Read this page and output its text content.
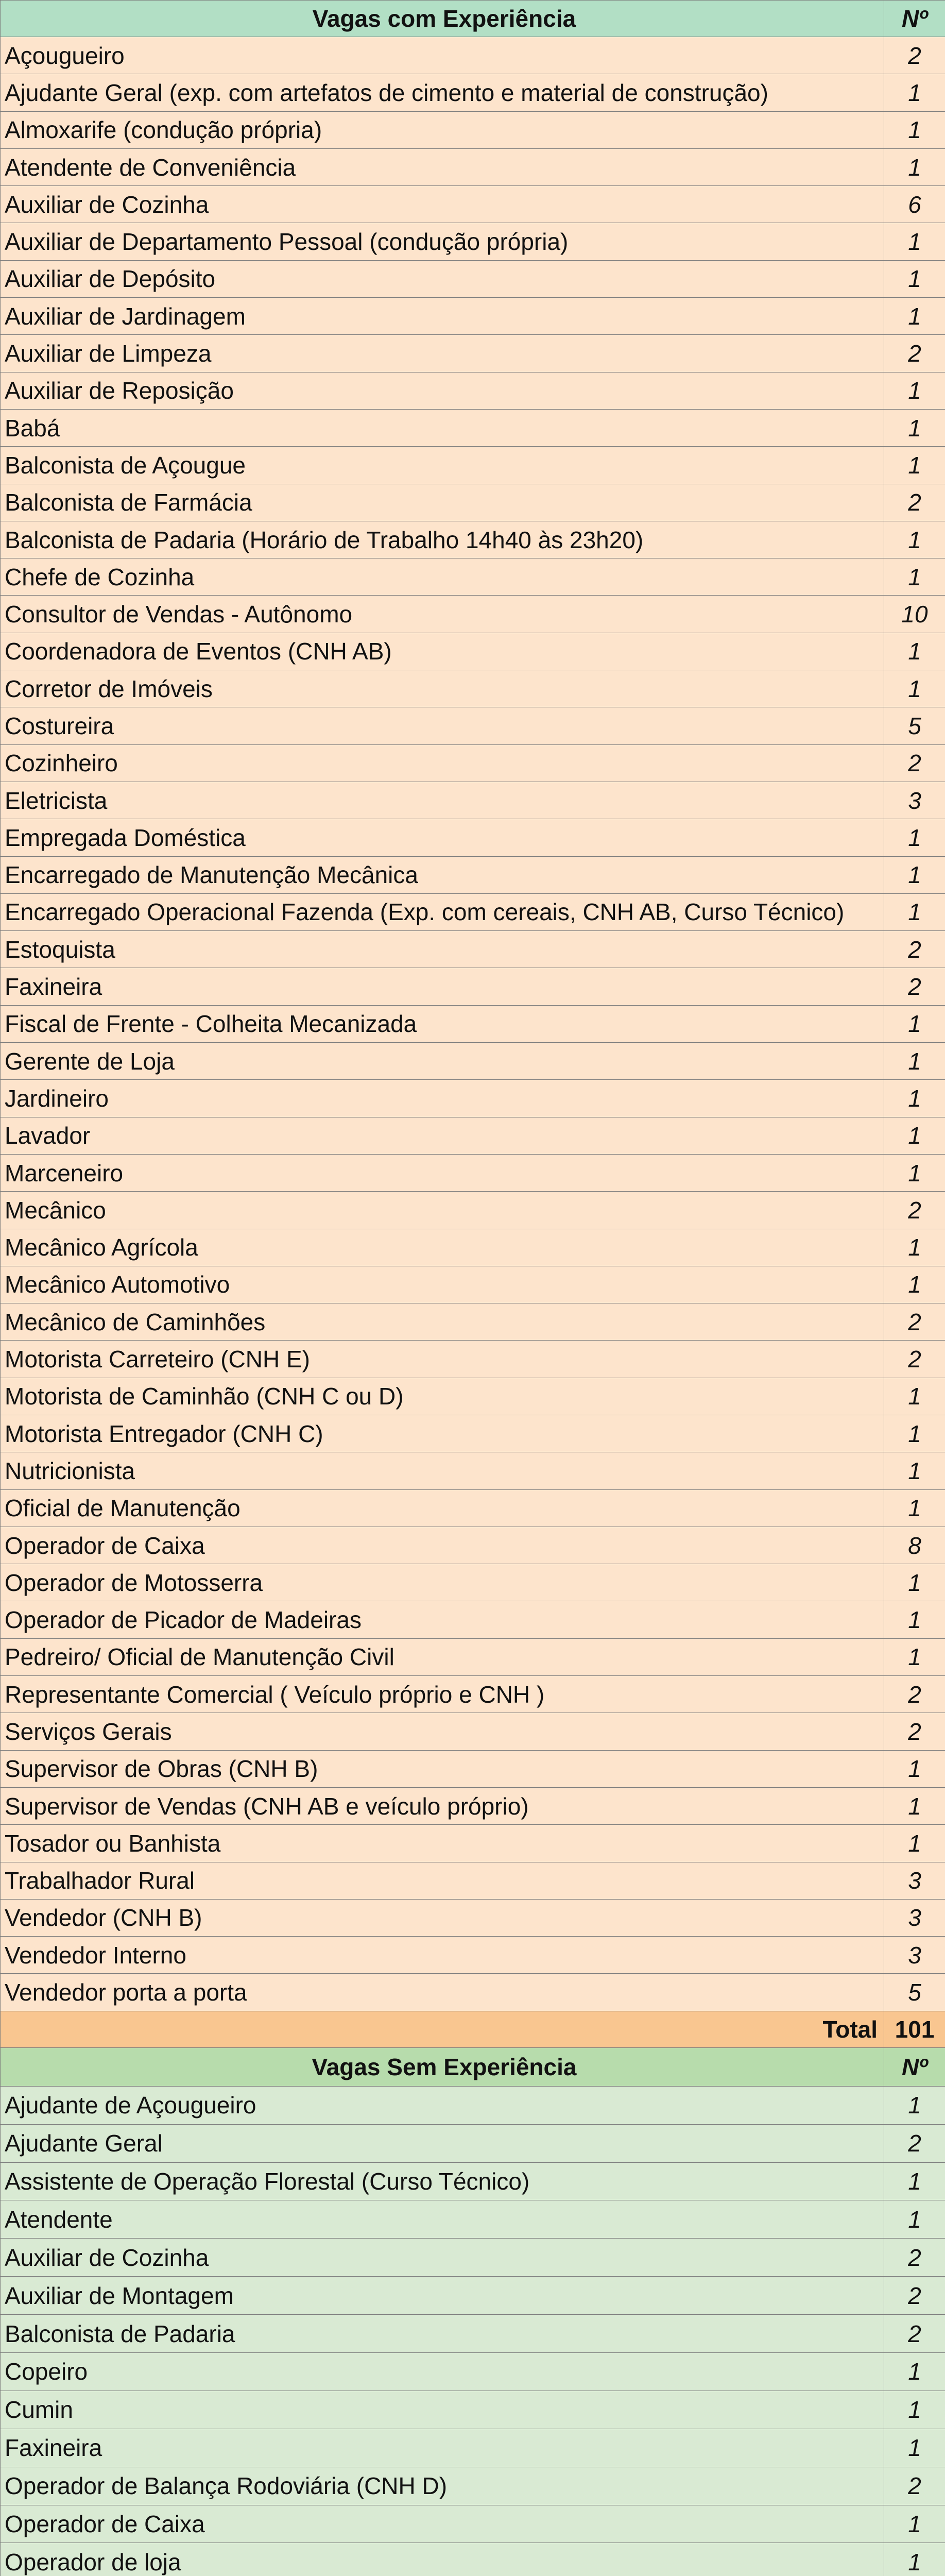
Vagas com Experiência	Nº
Açougueiro	2
Ajudante Geral (exp. com artefatos de cimento e material de construção)	1
Almoxarife (condução própria)	1
Atendente de Conveniência	1
Auxiliar de Cozinha	6
Auxiliar de Departamento Pessoal (condução própria)	1
Auxiliar de Depósito	1
Auxiliar de Jardinagem	1
Auxiliar de Limpeza	2
Auxiliar de Reposição	1
Babá	1
Balconista de Açougue	1
Balconista de Farmácia	2
Balconista de Padaria (Horário de Trabalho 14h40 às 23h20)	1
Chefe de Cozinha	1
Consultor de Vendas - Autônomo	10
Coordenadora de Eventos (CNH AB)	1
Corretor de Imóveis	1
Costureira	5
Cozinheiro	2
Eletricista	3
Empregada Doméstica	1
Encarregado de Manutenção Mecânica	1
Encarregado Operacional Fazenda (Exp. com cereais, CNH AB, Curso Técnico)	1
Estoquista	2
Faxineira	2
Fiscal de Frente - Colheita Mecanizada	1
Gerente de Loja	1
Jardineiro	1
Lavador	1
Marceneiro	1
Mecânico	2
Mecânico Agrícola	1
Mecânico Automotivo	1
Mecânico de Caminhões	2
Motorista Carreteiro (CNH E)	2
Motorista de Caminhão (CNH C ou D)	1
Motorista Entregador (CNH C)	1
Nutricionista	1
Oficial de Manutenção	1
Operador de Caixa	8
Operador de Motosserra	1
Operador de Picador de Madeiras	1
Pedreiro/ Oficial de Manutenção Civil	1
Representante Comercial ( Veículo próprio e CNH )	2
Serviços Gerais	2
Supervisor de Obras (CNH B)	1
Supervisor de Vendas (CNH AB e veículo próprio)	1
Tosador ou Banhista	1
Trabalhador Rural	3
Vendedor (CNH B)	3
Vendedor Interno	3
Vendedor porta a porta	5
Total	101
Vagas Sem Experiência	Nº
Ajudante de Açougueiro	1
Ajudante Geral	2
Assistente de Operação Florestal (Curso Técnico)	1
Atendente	1
Auxiliar de Cozinha	2
Auxiliar de Montagem	2
Balconista de Padaria	2
Copeiro	1
Cumin	1
Faxineira	1
Operador de Balança Rodoviária (CNH D)	2
Operador de Caixa	1
Operador de loja	1
